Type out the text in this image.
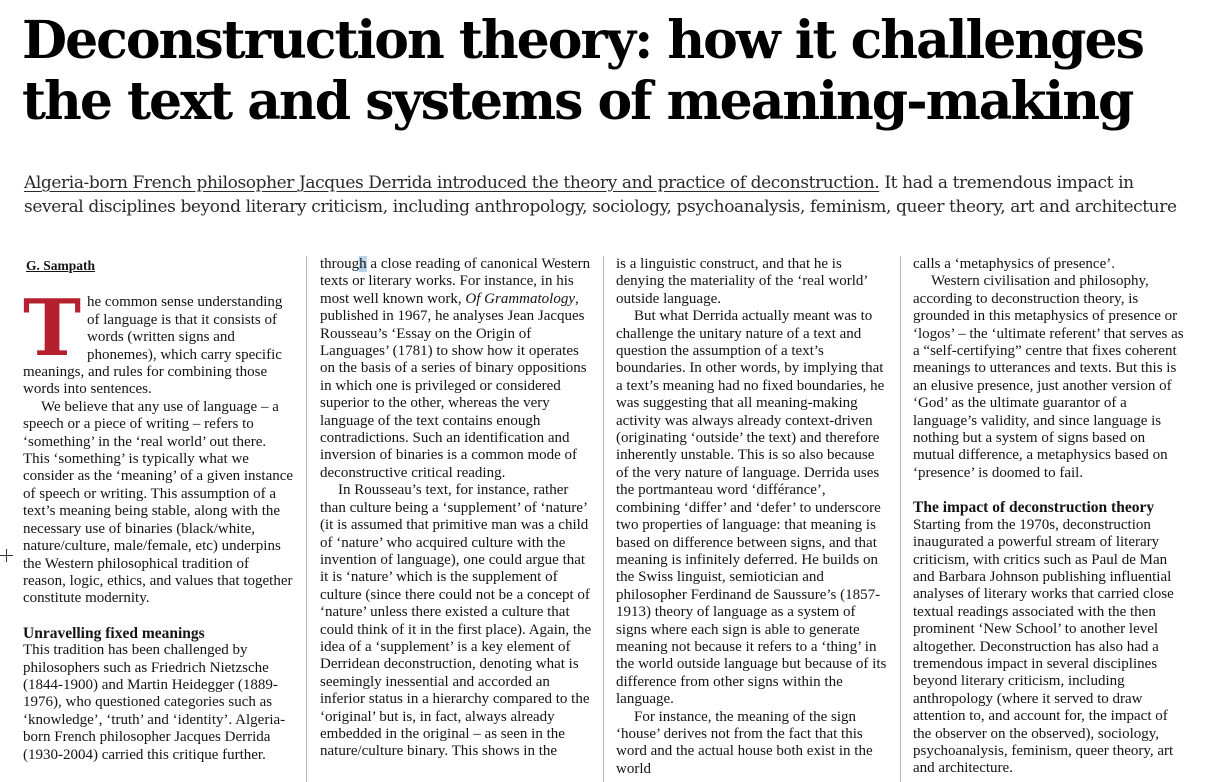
Deconstruction theory: how it challenges the text and systems of meaning-making

Algeria-born French philosopher Jacques Derrida introduced the theory and practice of deconstruction. It had a tremendous impact in several disciplines beyond literary criticism, including anthropology, sociology, psychoanalysis, feminism, queer theory, art and architecture

G. Sampath

The common sense understanding of language is that it consists of words (written signs and phonemes), which carry specific meanings, and rules for combining those words into sentences.

We believe that any use of language – a speech or a piece of writing – refers to ‘something’ in the ‘real world’ out there. This ‘something’ is typically what we consider as the ‘meaning’ of a given instance of speech or writing. This assumption of a text’s meaning being stable, along with the necessary use of binaries (black/white, nature/culture, male/female, etc) underpins the Western philosophical tradition of reason, logic, ethics, and values that together constitute modernity.

Unravelling fixed meanings

This tradition has been challenged by philosophers such as Friedrich Nietzsche (1844-1900) and Martin Heidegger (1889-1976), who questioned categories such as ‘knowledge’, ‘truth’ and ‘identity’. Algeria-born French philosopher Jacques Derrida (1930-2004) carried this critique further.

through a close reading of canonical Western texts or literary works. For instance, in his most well known work, Of Grammatology, published in 1967, he analyses Jean Jacques Rousseau’s ‘Essay on the Origin of Languages’ (1781) to show how it operates on the basis of a series of binary oppositions in which one is privileged or considered superior to the other, whereas the very language of the text contains enough contradictions. Such an identification and inversion of binaries is a common mode of deconstructive critical reading.

In Rousseau’s text, for instance, rather than culture being a ‘supplement’ of ‘nature’ (it is assumed that primitive man was a child of ‘nature’ who acquired culture with the invention of language), one could argue that it is ‘nature’ which is the supplement of culture (since there could not be a concept of ‘nature’ unless there existed a culture that could think of it in the first place). Again, the idea of a ‘supplement’ is a key element of Derridean deconstruction, denoting what is seemingly inessential and accorded an inferior status in a hierarchy compared to the ‘original’ but is, in fact, always already embedded in the original – as seen in the nature/culture binary. This shows in the

is a linguistic construct, and that he is denying the materiality of the ‘real world’ outside language.

But what Derrida actually meant was to challenge the unitary nature of a text and question the assumption of a text’s boundaries. In other words, by implying that a text’s meaning had no fixed boundaries, he was suggesting that all meaning-making activity was always already context-driven (originating ‘outside’ the text) and therefore inherently unstable. This is so also because of the very nature of language. Derrida uses the portmanteau word ‘différance’, combining ‘differ’ and ‘defer’ to underscore two properties of language: that meaning is based on difference between signs, and that meaning is infinitely deferred. He builds on the Swiss linguist, semiotician and philosopher Ferdinand de Saussure’s (1857-1913) theory of language as a system of signs where each sign is able to generate meaning not because it refers to a ‘thing’ in the world outside language but because of its difference from other signs within the language.

For instance, the meaning of the sign ‘house’ derives not from the fact that this word and the actual house both exist in the world

calls a ‘metaphysics of presence’.

Western civilisation and philosophy, according to deconstruction theory, is grounded in this metaphysics of presence or ‘logos’ – the ‘ultimate referent’ that serves as a “self-certifying” centre that fixes coherent meanings to utterances and texts. But this is an elusive presence, just another version of ‘God’ as the ultimate guarantor of a language’s validity, and since language is nothing but a system of signs based on mutual difference, a metaphysics based on ‘presence’ is doomed to fail.

The impact of deconstruction theory

Starting from the 1970s, deconstruction inaugurated a powerful stream of literary criticism, with critics such as Paul de Man and Barbara Johnson publishing influential analyses of literary works that carried close textual readings associated with the then prominent ‘New School’ to another level altogether. Deconstruction has also had a tremendous impact in several disciplines beyond literary criticism, including anthropology (where it served to draw attention to, and account for, the impact of the observer on the observed), sociology, psychoanalysis, feminism, queer theory, art and architecture.
